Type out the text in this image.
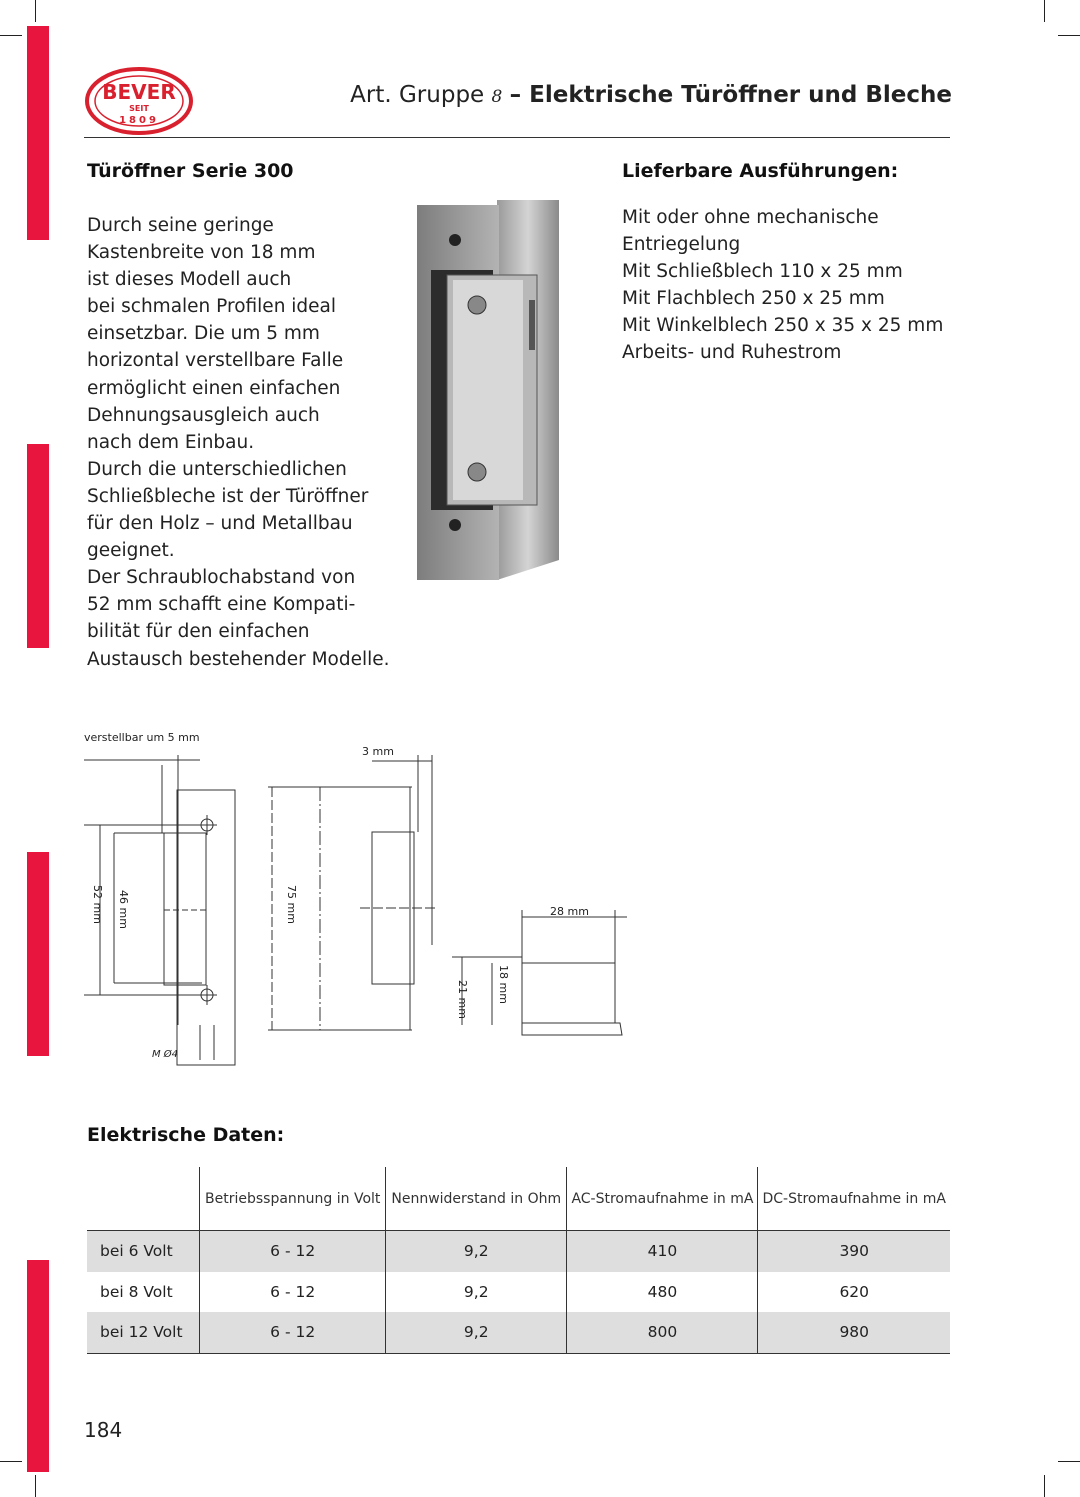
BEVER
SEIT
1809
Art. Gruppe 8 – Elektrische Türöffner und Bleche
Türöffner Serie 300
Durch seine geringe
Kastenbreite von 18 mm
ist dieses Modell auch
bei schmalen Profilen ideal
einsetzbar. Die um 5 mm
horizontal verstellbare Falle
ermöglicht einen einfachen
Dehnungsausgleich auch
nach dem Einbau.
Durch die unterschiedlichen
Schließbleche ist der Türöffner
für den Holz – und Metallbau
geeignet.
Der Schraublochabstand von
52 mm schafft eine Kompati-
bilität für den einfachen
Austausch bestehender Modelle.
Lieferbare Ausführungen:
Mit oder ohne mechanische
Entriegelung
Mit Schließblech 110 x 25 mm
Mit Flachblech 250 x 25 mm
Mit Winkelblech 250 x 35 x 25 mm
Arbeits- und Ruhestrom
verstellbar um 5 mm
52 mm 46 mm
M Ø4
3 mm
75 mm	28 mm
18 mm
21 mm
Elektrische Daten:
	Betriebsspannung in Volt	Nennwiderstand in Ohm	AC-Stromaufnahme in mA	DC-Stromaufnahme in mA
bei 6 Volt	6 - 12	9,2	410	390
bei 8 Volt	6 - 12	9,2	480	620
bei 12 Volt	6 - 12	9,2	800	980
184
